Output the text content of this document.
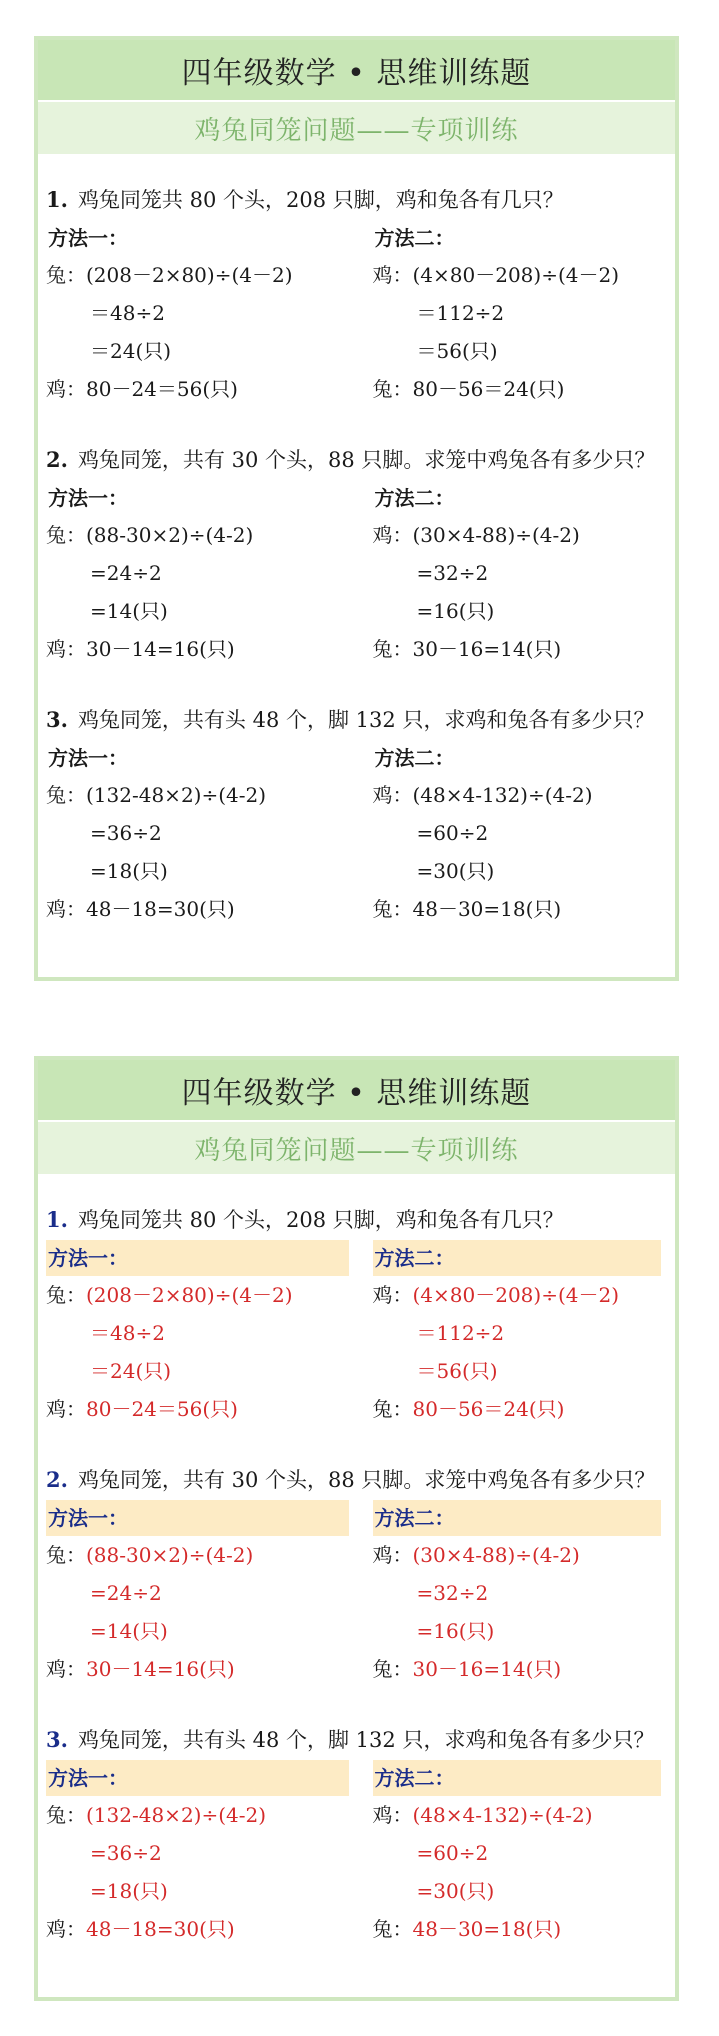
四年级数学 • 思维训练题
鸡兔同笼问题——专项训练
1. 鸡兔同笼共 80 个头，208 只脚，鸡和兔各有几只？
方法一：
兔：(208－2×80)÷(4－2)
＝48÷2
＝24(只)
鸡：80－24＝56(只)
方法二：
鸡：(4×80－208)÷(4－2)
＝112÷2
＝56(只)
兔：80－56＝24(只)
2. 鸡兔同笼，共有 30 个头，88 只脚。求笼中鸡兔各有多少只？
方法一：
兔：(88-30×2)÷(4-2)
=24÷2
=14(只)
鸡：30－14=16(只)
方法二：
鸡：(30×4-88)÷(4-2)
=32÷2
=16(只)
兔：30－16=14(只)
3. 鸡兔同笼，共有头 48 个，脚 132 只，求鸡和兔各有多少只？
方法一：
兔：(132-48×2)÷(4-2)
=36÷2
=18(只)
鸡：48－18=30(只)
方法二：
鸡：(48×4-132)÷(4-2)
=60÷2
=30(只)
兔：48－30=18(只)
四年级数学 • 思维训练题
鸡兔同笼问题——专项训练
1. 鸡兔同笼共 80 个头，208 只脚，鸡和兔各有几只？
方法一：
兔：(208－2×80)÷(4－2)
＝48÷2
＝24(只)
鸡：80－24＝56(只)
方法二：
鸡：(4×80－208)÷(4－2)
＝112÷2
＝56(只)
兔：80－56＝24(只)
2. 鸡兔同笼，共有 30 个头，88 只脚。求笼中鸡兔各有多少只？
方法一：
兔：(88-30×2)÷(4-2)
=24÷2
=14(只)
鸡：30－14=16(只)
方法二：
鸡：(30×4-88)÷(4-2)
=32÷2
=16(只)
兔：30－16=14(只)
3. 鸡兔同笼，共有头 48 个，脚 132 只，求鸡和兔各有多少只？
方法一：
兔：(132-48×2)÷(4-2)
=36÷2
=18(只)
鸡：48－18=30(只)
方法二：
鸡：(48×4-132)÷(4-2)
=60÷2
=30(只)
兔：48－30=18(只)
